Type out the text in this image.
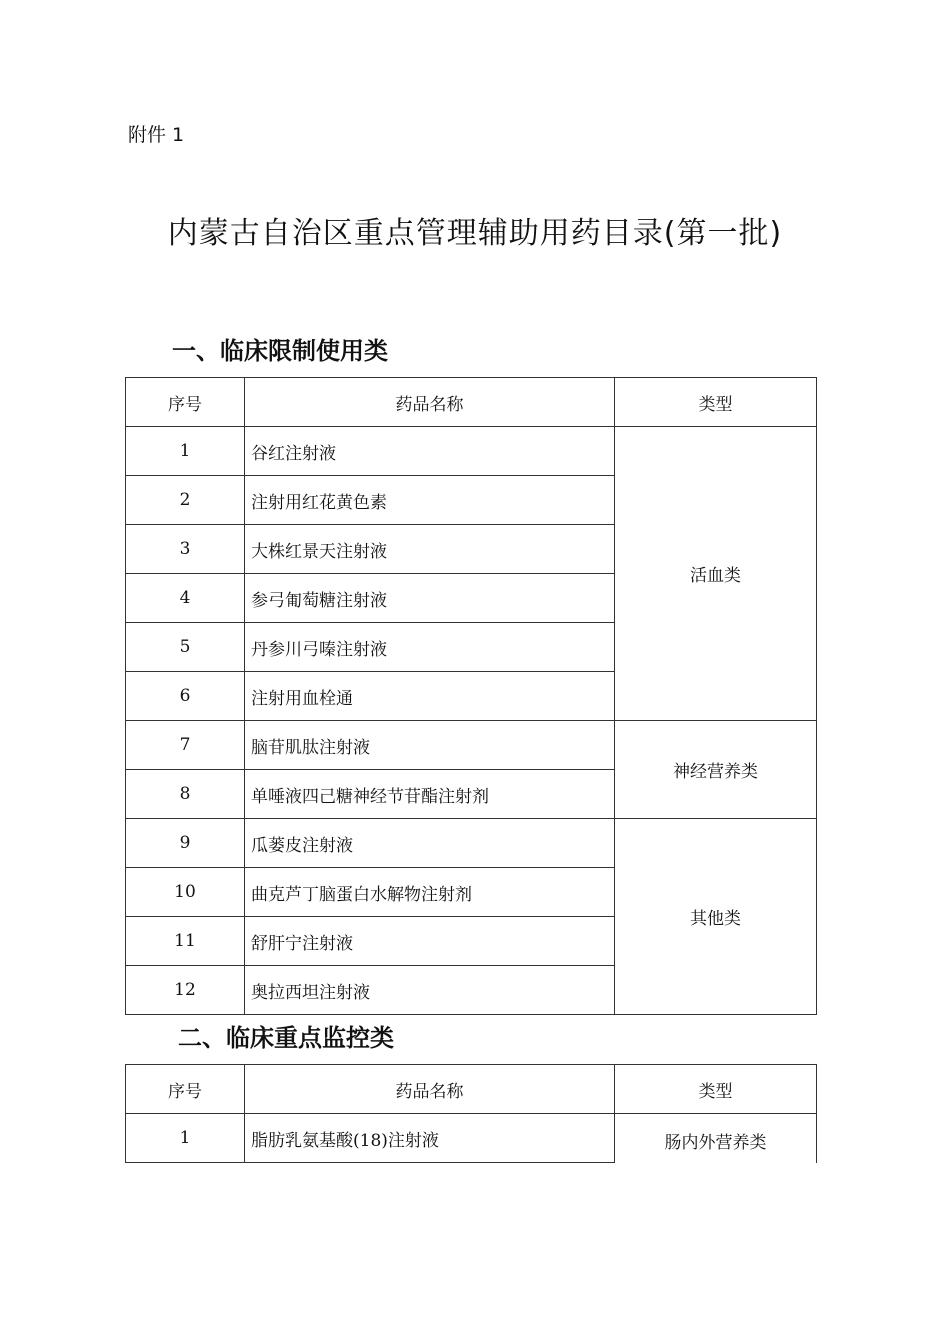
附件 1
内蒙古自治区重点管理辅助用药目录(第一批)
一、临床限制使用类
序号	药品名称	类型
1	谷红注射液	活血类
2	注射用红花黄色素	
3	大株红景天注射液	
4	参弓匍萄糖注射液	
5	丹参川弓嗪注射液	
6	注射用血栓通	
7	脑苷肌肽注射液	神经营养类
8	单唾液四己糖神经节苷酯注射剂	
9	瓜蒌皮注射液	其他类
10	曲克芦丁脑蛋白水解物注射剂	
11	舒肝宁注射液	
12	奥拉西坦注射液	
二、临床重点监控类
序号	药品名称	类型
1	脂肪乳氨基酸(18)注射液	肠内外营养类
